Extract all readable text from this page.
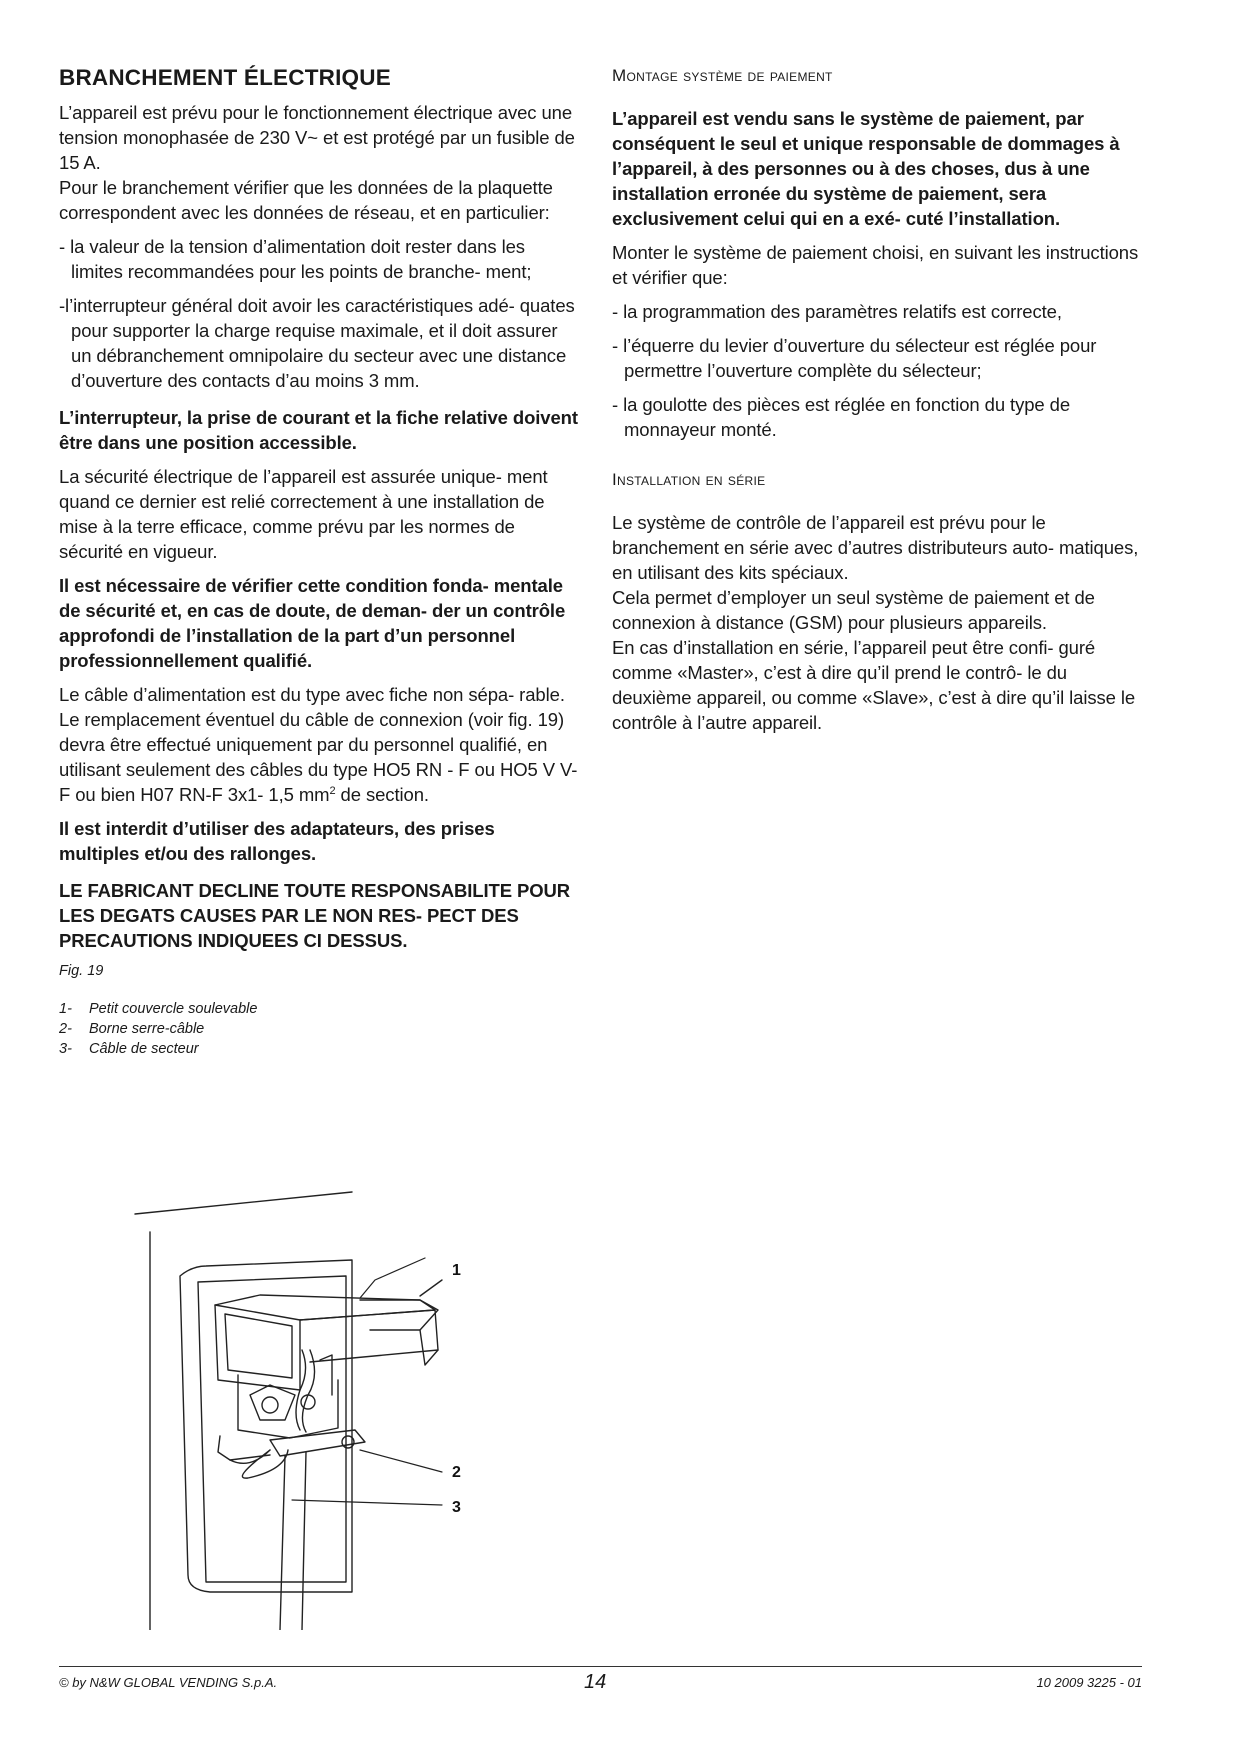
BRANCHEMENT ÉLECTRIQUE

L’appareil est prévu pour le fonctionnement électrique avec une tension monophasée de 230 V~ et est protégé par un fusible de 15 A.

Pour le branchement vérifier que les données de la plaquette correspondent avec les données de réseau, et en particulier:

- la valeur de la tension d’alimentation doit rester dans les limites recommandées pour les points de branche- ment;

-l’interrupteur général doit avoir les caractéristiques adé- quates pour supporter la charge requise maximale, et il doit assurer un débranchement omnipolaire du secteur avec une distance d’ouverture des contacts d’au moins 3 mm.

L’interrupteur, la prise de courant et la fiche relative doivent être dans une position accessible.

La sécurité électrique de l’appareil est assurée unique- ment quand ce dernier est relié correctement à une installation de mise à la terre efficace, comme prévu par les normes de sécurité en vigueur.

Il est nécessaire de vérifier cette condition fonda- mentale de sécurité et, en cas de doute, de deman- der un contrôle approfondi de l’installation de la part d’un personnel professionnellement qualifié.

Le câble d’alimentation est du type avec fiche non sépa- rable. Le remplacement éventuel du câble de connexion (voir fig. 19) devra être effectué uniquement par du personnel qualifié, en utilisant seulement des câbles du type HO5 RN - F ou HO5 V V-F ou bien H07 RN-F 3x1- 1,5 $mm^2$ de section.

Il est interdit d’utiliser des adaptateurs, des prises multiples et/ou des rallonges.

LE FABRICANT DECLINE TOUTE RESPONSABILITE POUR LES DEGATS CAUSES PAR LE NON RES- PECT DES PRECAUTIONS INDIQUEES CI DESSUS.

Fig. 19
1- Petit couvercle soulevable
2- Borne serre-câble
3- Câble de secteur
1
2
3
Montage système de paiement

L’appareil est vendu sans le système de paiement, par conséquent le seul et unique responsable de dommages à l’appareil, à des personnes ou à des choses, dus à une installation erronée du système de paiement, sera exclusivement celui qui en a exé- cuté l’installation.

Monter le système de paiement choisi, en suivant les instructions et vérifier que:

- la programmation des paramètres relatifs est correcte,

- l’équerre du levier d’ouverture du sélecteur est réglée pour permettre l’ouverture complète du sélecteur;

- la goulotte des pièces est réglée en fonction du type de monnayeur monté.

Installation en série

Le système de contrôle de l’appareil est prévu pour le branchement en série avec d’autres distributeurs auto- matiques, en utilisant des kits spéciaux.

Cela permet d’employer un seul système de paiement et de connexion à distance (GSM) pour plusieurs appareils.

En cas d’installation en série, l’appareil peut être confi- guré comme «Master», c’est à dire qu’il prend le contrô- le du deuxième appareil, ou comme «Slave», c’est à dire qu’il laisse le contrôle à l’autre appareil.

© by N&W GLOBAL VENDING S.p.A.	14	10 2009 3225 - 01
